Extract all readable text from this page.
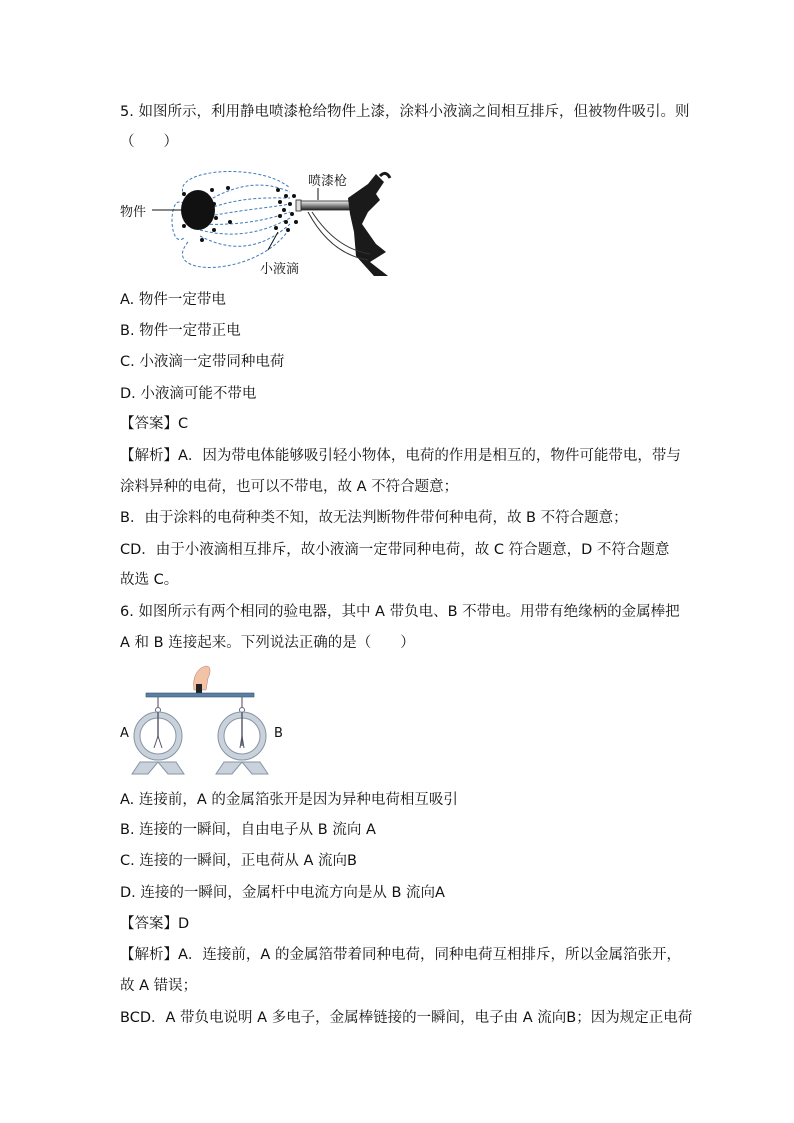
5. 如图所示，利用静电喷漆枪给物件上漆，涂料小液滴之间相互排斥，但被物件吸引。则
（　　）
物件
喷漆枪
小液滴
A. 物件一定带电
B. 物件一定带正电
C. 小液滴一定带同种电荷
D. 小液滴可能不带电
【答案】C
【解析】A．因为带电体能够吸引轻小物体，电荷的作用是相互的，物件可能带电，带与
涂料异种的电荷，也可以不带电，故 A 不符合题意；
B．由于涂料的电荷种类不知，故无法判断物件带何种电荷，故 B 不符合题意；
CD．由于小液滴相互排斥，故小液滴一定带同种电荷，故 C 符合题意，D 不符合题意
故选 C。
6. 如图所示有两个相同的验电器，其中 A 带负电、B 不带电。用带有绝缘柄的金属棒把
A 和 B 连接起来。下列说法正确的是（　　）
A	B
A. 连接前，A 的金属箔张开是因为异种电荷相互吸引
B. 连接的一瞬间，自由电子从 B 流向 A
C. 连接的一瞬间，正电荷从 A 流向B
D. 连接的一瞬间，金属杆中电流方向是从 B 流向A
【答案】D
【解析】A．连接前，A 的金属箔带着同种电荷，同种电荷互相排斥，所以金属箔张开，
故 A 错误；
BCD．A 带负电说明 A 多电子，金属棒链接的一瞬间，电子由 A 流向B；因为规定正电荷
